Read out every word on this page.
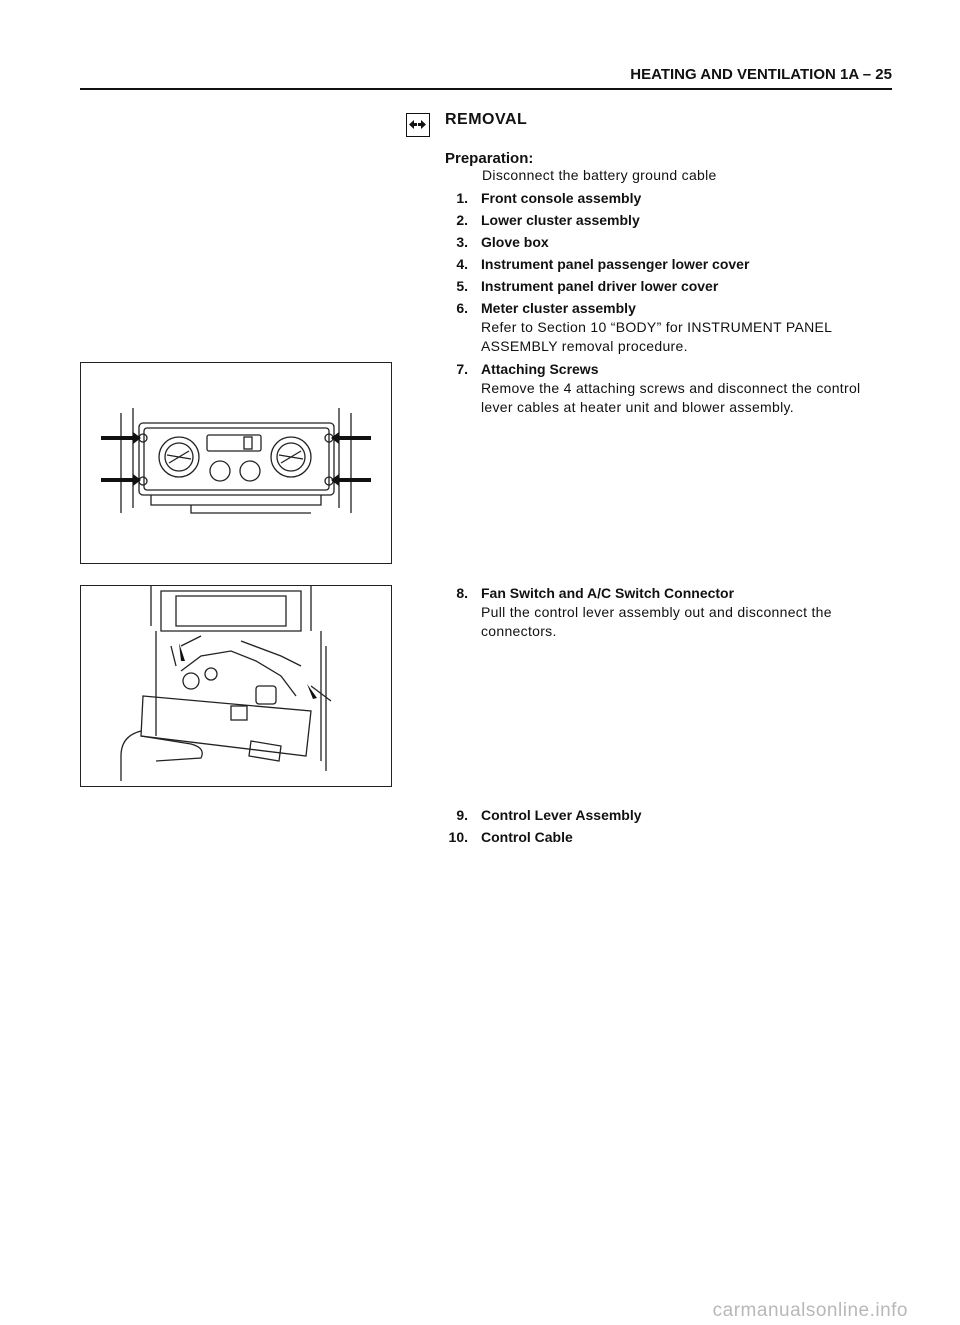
HEATING AND VENTILATION 1A – 25
REMOVAL
Preparation:
Disconnect the battery ground cable
1. Front console assembly
2. Lower cluster assembly
3. Glove box
4. Instrument panel passenger lower cover
5. Instrument panel driver lower cover
6. Meter cluster assembly
Refer to Section 10 “BODY” for INSTRUMENT PANEL ASSEMBLY removal procedure.
7. Attaching Screws
Remove the 4 attaching screws and disconnect the control lever cables at heater unit and blower assembly.
8. Fan Switch and A/C Switch Connector
Pull the control lever assembly out and disconnect the connectors.
9. Control Lever Assembly
10. Control Cable
carmanualsonline.info
